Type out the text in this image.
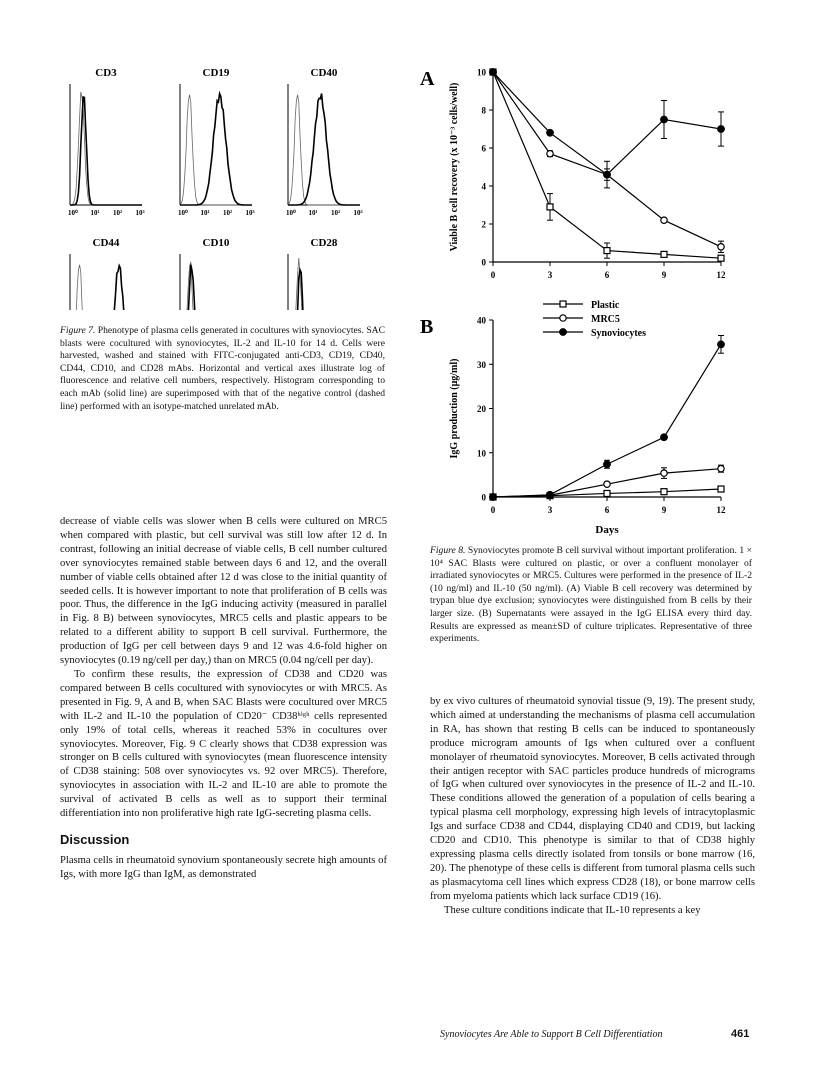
CD3
10⁰ 10¹ 10² 10³
CD19
10⁰ 10¹ 10² 10³
CD40
10⁰ 10¹ 10² 10³
CD44	CD10	CD28
Figure 7. Phenotype of plasma cells generated in cocultures with synoviocytes. SAC blasts were cocultured with synoviocytes, IL-2 and IL-10 for 14 d. Cells were harvested, washed and stained with FITC-conjugated anti-CD3, CD19, CD40, CD44, CD10, and CD28 mAbs. Horizontal and vertical axes illustrate log of fluorescence and relative cell numbers, respectively. Histogram corresponding to each mAb (solid line) are superimposed with that of the negative control (dashed line) performed with an isotype-matched unrelated mAb.
A
0
2
4
6
8
10
0	3	6	9	12
Viable B cell recovery (x 10⁻³ cells/well)
B
0
10
20
30
40
0	3	6	9	12
IgG production (μg/ml)
Days
Plastic
MRC5
Synoviocytes
Figure 8. Synoviocytes promote B cell survival without important proliferation. 1 × 10⁴ SAC Blasts were cultured on plastic, or over a confluent monolayer of irradiated synoviocytes or MRC5. Cultures were performed in the presence of IL-2 (10 ng/ml) and IL-10 (50 ng/ml). (A) Viable B cell recovery was determined by trypan blue dye exclusion; synoviocytes were distinguished from B cells by their larger size. (B) Supernatants were assayed in the IgG ELISA every third day. Results are expressed as mean±SD of culture triplicates. Representative of three experiments.

decrease of viable cells was slower when B cells were cultured on MRC5 when compared with plastic, but cell survival was still low after 12 d. In contrast, following an initial decrease of viable cells, B cell number cultured over synoviocytes remained stable between days 6 and 12, and the overall number of viable cells obtained after 12 d was close to the initial quantity of seeded cells. It is however important to note that proliferation of B cells was poor. Thus, the difference in the IgG inducing activity (measured in parallel in Fig. 8 B) between synoviocytes, MRC5 cells and plastic appears to be related to a different ability to support B cell survival. Furthermore, the production of IgG per cell between days 9 and 12 was 4.6-fold higher on synoviocytes (0.19 ng/cell per day,) than on MRC5 (0.04 ng/cell per day).

To confirm these results, the expression of CD38 and CD20 was compared between B cells cocultured with synoviocytes or with MRC5. As presented in Fig. 9, A and B, when SAC Blasts were cocultured over MRC5 with IL-2 and IL-10 the population of CD20⁻ CD38ʰⁱᵍʰ cells represented only 19% of total cells, whereas it reached 53% in cocultures over synoviocytes. Moreover, Fig. 9 C clearly shows that CD38 expression was stronger on B cells cultured with synoviocytes (mean fluorescence intensity of CD38 staining: 508 over synoviocytes vs. 92 over MRC5). Therefore, synoviocytes in association with IL-2 and IL-10 are able to promote the survival of activated B cells as well as to support their terminal differentiation into non proliferative high rate IgG-secreting plasma cells.

Discussion

Plasma cells in rheumatoid synovium spontaneously secrete high amounts of Igs, with more IgG than IgM, as demonstrated

by ex vivo cultures of rheumatoid synovial tissue (9, 19). The present study, which aimed at understanding the mechanisms of plasma cell accumulation in RA, has shown that resting B cells can be induced to spontaneously produce microgram amounts of Igs when cultured over a confluent monolayer of rheumatoid synoviocytes. Moreover, B cells activated through their antigen receptor with SAC particles produce hundreds of micrograms of IgG when cultured over synoviocytes in the presence of IL-2 and IL-10. These conditions allowed the generation of a population of cells bearing a typical plasma cell morphology, expressing high levels of intracytoplasmic Igs and surface CD38 and CD44, displaying CD40 and CD19, but lacking CD20 and CD10. This phenotype is similar to that of CD38 highly expressing plasma cells directly isolated from tonsils or bone marrow (16, 20). The phenotype of these cells is different from tumoral plasma cells such as plasmacytoma cell lines which express CD28 (18), or bone marrow cells from myeloma patients which lack surface CD19 (16).

These culture conditions indicate that IL-10 represents a key

Synoviocytes Are Able to Support B Cell Differentiation	461
